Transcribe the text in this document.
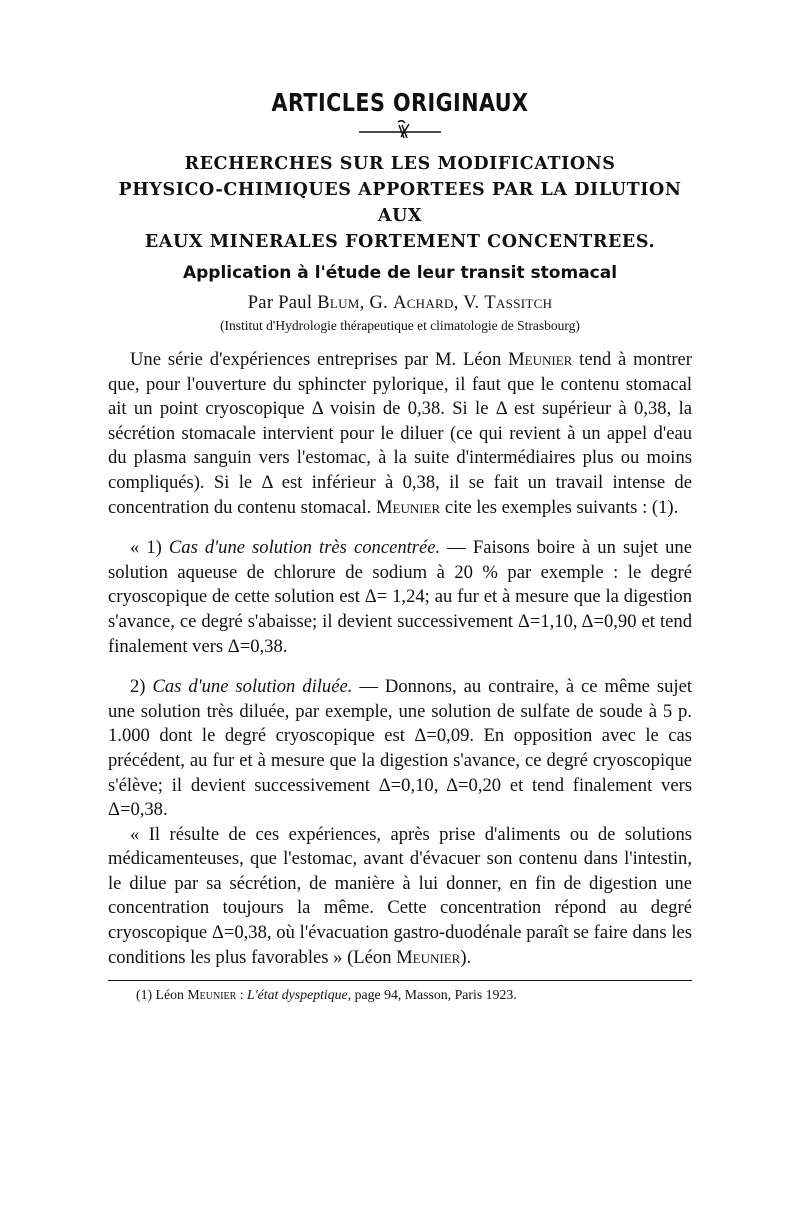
ARTICLES ORIGINAUX
RECHERCHES SUR LES MODIFICATIONS
PHYSICO-CHIMIQUES APPORTEES PAR LA DILUTION
AUX
EAUX MINERALES FORTEMENT CONCENTREES.
Application à l'étude de leur transit stomacal

Par Paul Blum, G. Achard, V. Tassitch

(Institut d'Hydrologie thérapeutique et climatologie de Strasbourg)

Une série d'expériences entreprises par M. Léon Meunier tend à montrer que, pour l'ouverture du sphincter pylorique, il faut que le contenu stomacal ait un point cryoscopique Δ voisin de 0,38. Si le Δ est supérieur à 0,38, la sécrétion stomacale intervient pour le diluer (ce qui revient à un appel d'eau du plasma sanguin vers l'estomac, à la suite d'intermédiaires plus ou moins compliqués). Si le Δ est inférieur à 0,38, il se fait un travail intense de concentration du contenu stomacal. Meunier cite les exemples suivants : (1).

« 1) Cas d'une solution très concentrée. — Faisons boire à un sujet une solution aqueuse de chlorure de sodium à 20 % par exemple : le degré cryoscopique de cette solution est Δ= 1,24; au fur et à mesure que la digestion s'avance, ce degré s'abaisse; il devient successivement Δ=1,10, Δ=0,90 et tend finalement vers Δ=0,38.

2) Cas d'une solution diluée. — Donnons, au contraire, à ce même sujet une solution très diluée, par exemple, une solution de sulfate de soude à 5 p. 1.000 dont le degré cryoscopique est Δ=0,09. En opposition avec le cas précédent, au fur et à mesure que la digestion s'avance, ce degré cryoscopique s'élève; il devient successivement Δ=0,10, Δ=0,20 et tend finalement vers Δ=0,38.

« Il résulte de ces expériences, après prise d'aliments ou de solutions médicamenteuses, que l'estomac, avant d'évacuer son contenu dans l'intestin, le dilue par sa sécrétion, de manière à lui donner, en fin de digestion une concentration toujours la même. Cette concentration répond au degré cryoscopique Δ=0,38, où l'évacuation gastro-duodénale paraît se faire dans les conditions les plus favorables » (Léon Meunier).

(1) Léon Meunier : L'état dyspeptique, page 94, Masson, Paris 1923.
